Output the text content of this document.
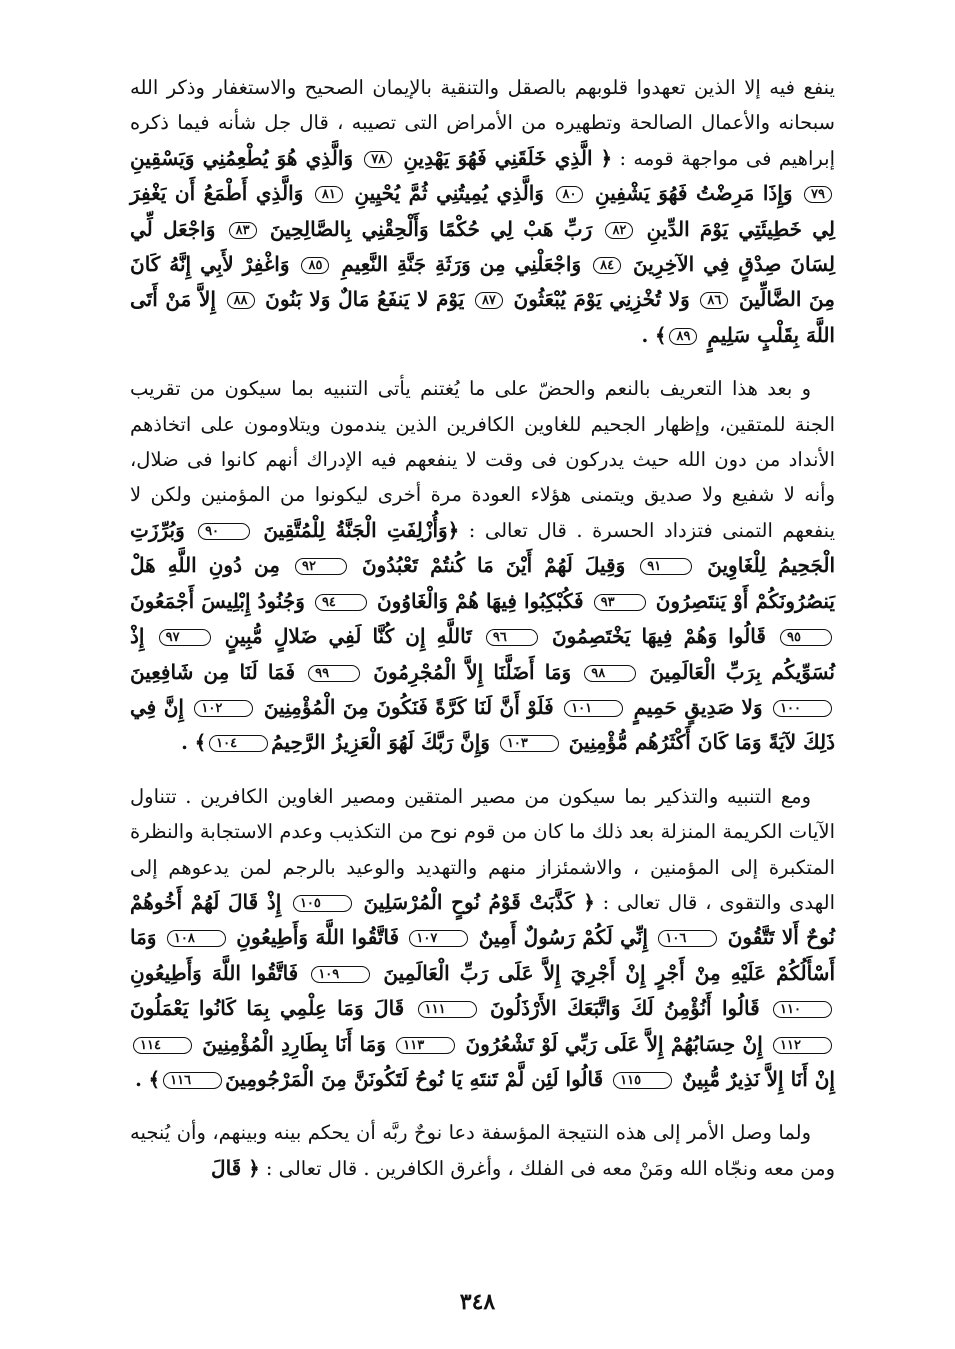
ينفع فيه إلا الذين تعهدوا قلوبهم بالصقل والتنقية بالإيمان الصحيح والاستغفار وذكر الله سبحانه والأعمال الصالحة وتطهيره من الأمراض التى تصيبه ، قال جل شأنه فيما ذكره إبراهيم فى مواجهة قومه : ﴿ الَّذِي خَلَقَنِي فَهُوَ يَهْدِينِ ٧٨ وَالَّذِي هُوَ يُطْعِمُنِي وَيَسْقِينِ ٧٩ وَإِذَا مَرِضْتُ فَهُوَ يَشْفِينِ ٨٠ وَالَّذِي يُمِيتُنِي ثُمَّ يُحْيِينِ ٨١ وَالَّذِي أَطْمَعُ أَن يَغْفِرَ لِي خَطِيئَتِي يَوْمَ الدِّينِ ٨٢ رَبِّ هَبْ لِي حُكْمًا وَأَلْحِقْنِي بِالصَّالِحِينَ ٨٣ وَاجْعَل لِّي لِسَانَ صِدْقٍ فِي الآخِرِينَ ٨٤ وَاجْعَلْنِي مِن وَرَثَةِ جَنَّةِ النَّعِيمِ ٨٥ وَاغْفِرْ لأَبِي إِنَّهُ كَانَ مِنَ الضَّالِّينَ ٨٦ وَلا تُخْزِنِي يَوْمَ يُبْعَثُونَ ٨٧ يَوْمَ لا يَنفَعُ مَالٌ وَلا بَنُونَ ٨٨ إِلاَّ مَنْ أَتَى اللَّهَ بِقَلْبٍ سَلِيمٍ ٨٩﴾ .

و بعد هذا التعريف بالنعم والحضّ على ما يُغتنم يأتى التنبيه بما سيكون من تقريب الجنة للمتقين، وإظهار الجحيم للغاوين الكافرين الذين يندمون ويتلاومون على اتخاذهم الأنداد من دون الله حيث يدركون فى وقت لا ينفعهم فيه الإدراك أنهم كانوا فى ضلال، وأنه لا شفيع ولا صديق ويتمنى هؤلاء العودة مرة أخرى ليكونوا من المؤمنين ولكن لا ينفعهم التمنى فتزداد الحسرة . قال تعالى : ﴿وَأُزْلِفَتِ الْجَنَّةُ لِلْمُتَّقِينَ ٩٠ وَبُرِّزَتِ الْجَحِيمُ لِلْغَاوِينَ ٩١ وَقِيلَ لَهُمْ أَيْنَ مَا كُنتُمْ تَعْبُدُونَ ٩٢ مِن دُونِ اللَّهِ هَلْ يَنصُرُونَكُمْ أَوْ يَنتَصِرُونَ ٩٣ فَكُبْكِبُوا فِيهَا هُمْ وَالْغَاوُونَ ٩٤ وَجُنُودُ إِبْلِيسَ أَجْمَعُونَ ٩٥ قَالُوا وَهُمْ فِيهَا يَخْتَصِمُونَ ٩٦ تَاللَّهِ إِن كُنَّا لَفِي ضَلالٍ مُّبِينٍ ٩٧ إِذْ نُسَوِّيكُم بِرَبِّ الْعَالَمِينَ ٩٨ وَمَا أَضَلَّنَا إِلاَّ الْمُجْرِمُونَ ٩٩ فَمَا لَنَا مِن شَافِعِينَ ١٠٠ وَلا صَدِيقٍ حَمِيمٍ ١٠١ فَلَوْ أَنَّ لَنَا كَرَّةً فَنَكُونَ مِنَ الْمُؤْمِنِينَ ١٠٢ إِنَّ فِي ذَلِكَ لآيَةً وَمَا كَانَ أَكْثَرُهُم مُّؤْمِنِينَ ١٠٣ وَإِنَّ رَبَّكَ لَهُوَ الْعَزِيزُ الرَّحِيمُ١٠٤﴾ .

ومع التنبيه والتذكير بما سيكون من مصير المتقين ومصير الغاوين الكافرين . تتناول الآيات الكريمة المنزلة بعد ذلك ما كان من قوم نوح من التكذيب وعدم الاستجابة والنظرة المتكبرة إلى المؤمنين ، والاشمئزاز منهم والتهديد والوعيد بالرجم لمن يدعوهم إلى الهدى والتقوى ، قال تعالى : ﴿ كَذَّبَتْ قَوْمُ نُوحٍ الْمُرْسَلِينَ ١٠٥ إِذْ قَالَ لَهُمْ أَخُوهُمْ نُوحٌ أَلا تَتَّقُونَ ١٠٦ إِنِّي لَكُمْ رَسُولٌ أَمِينٌ ١٠٧ فَاتَّقُوا اللَّهَ وَأَطِيعُونِ ١٠٨ وَمَا أَسْأَلُكُمْ عَلَيْهِ مِنْ أَجْرٍ إِنْ أَجْرِيَ إِلاَّ عَلَى رَبِّ الْعَالَمِينَ ١٠٩ فَاتَّقُوا اللَّهَ وَأَطِيعُونِ ١١٠ قَالُوا أَنُؤْمِنُ لَكَ وَاتَّبَعَكَ الأَرْذَلُونَ ١١١ قَالَ وَمَا عِلْمِي بِمَا كَانُوا يَعْمَلُونَ ١١٢ إِنْ حِسَابُهُمْ إِلاَّ عَلَى رَبِّي لَوْ تَشْعُرُونَ ١١٣ وَمَا أَنَا بِطَارِدِ الْمُؤْمِنِينَ ١١٤ إِنْ أَنَا إِلاَّ نَذِيرٌ مُّبِينٌ ١١٥ قَالُوا لَئِن لَّمْ تَنتَهِ يَا نُوحُ لَتَكُونَنَّ مِنَ الْمَرْجُومِينَ١١٦﴾ .

ولما وصل الأمر إلى هذه النتيجة المؤسفة دعا نوحٌ ربَّه أن يحكم بينه وبينهم، وأن يُنجيه ومن معه ونجّاه الله ومَنْ معه فى الفلك ، وأغرق الكافرين . قال تعالى : ﴿ قَالَ

٣٤٨
